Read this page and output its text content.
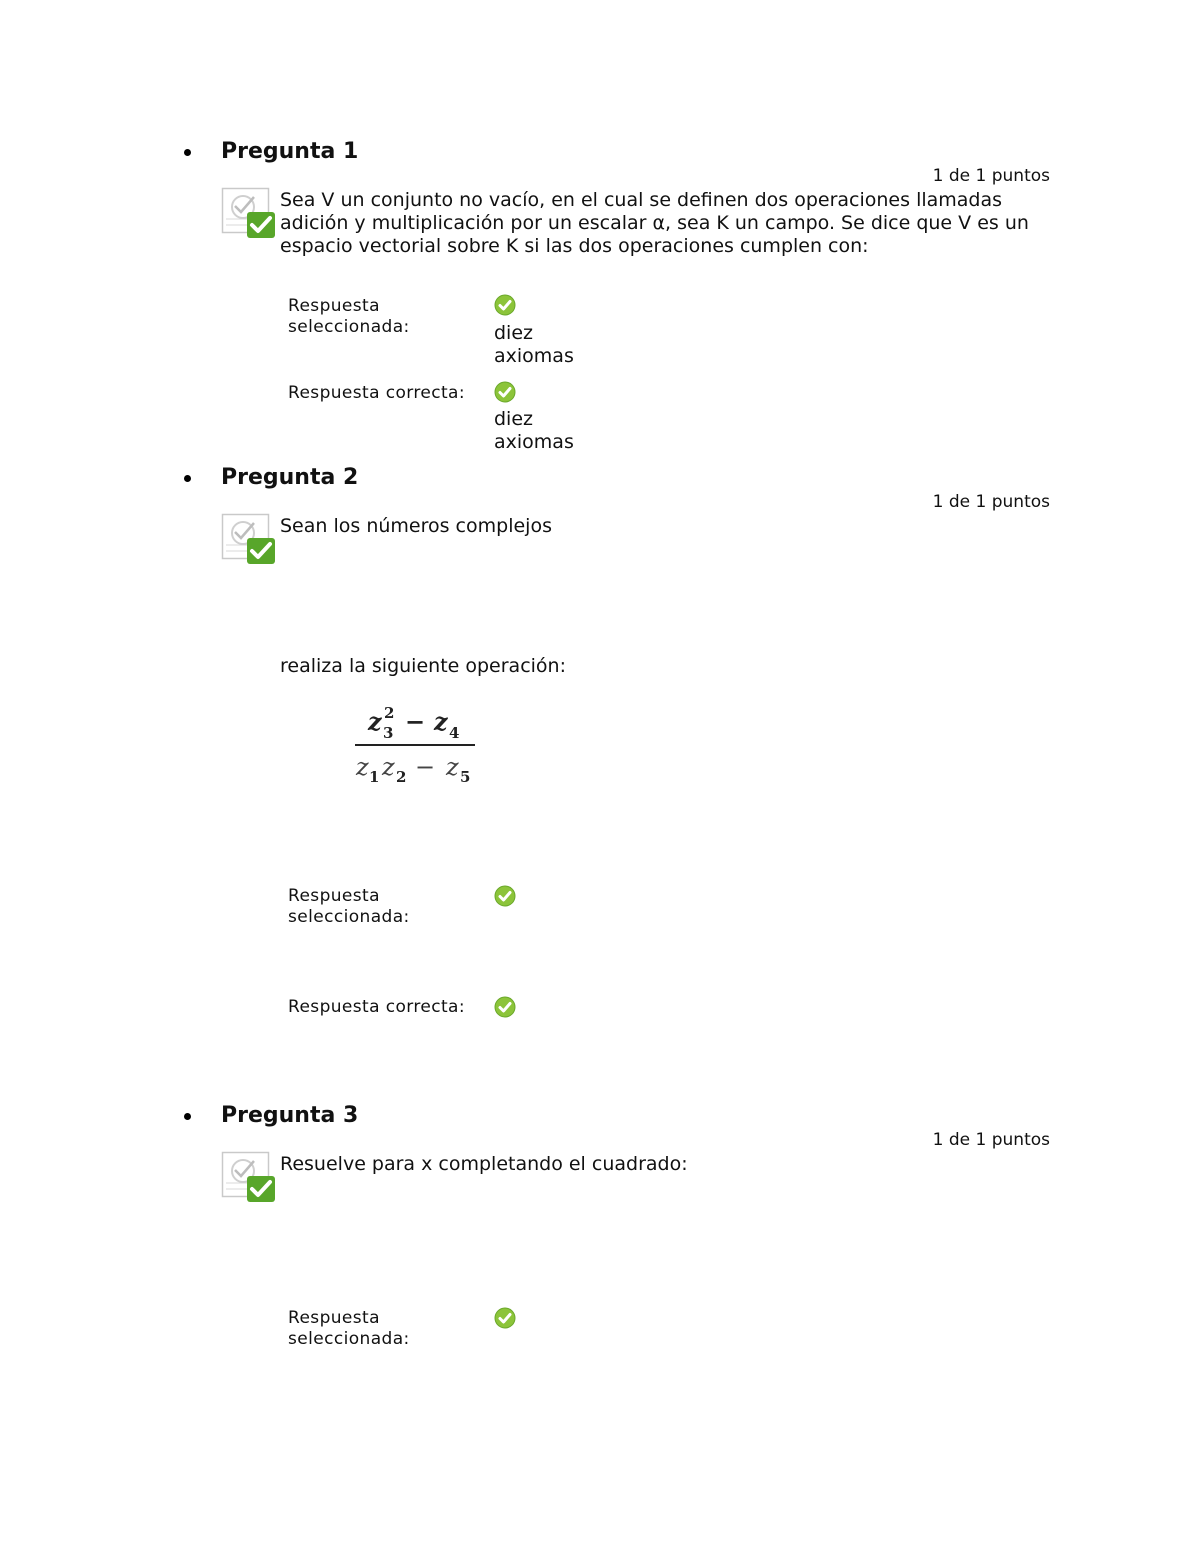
Pregunta 1
1 de 1 puntos
Sea V un conjunto no vacío, en el cual se definen dos operaciones llamadas adición y multiplicación por un escalar α, sea K un campo. Se dice que V es un espacio vectorial sobre K si las dos operaciones cumplen con:
Respuesta seleccionada:	diez axiomas
Respuesta correcta:
diez axiomas
Pregunta 2
1 de 1 puntos
Sean los números complejos
realiza la siguiente operación:
z 2
3 − z 4
z 1 z 2 − z 5
Respuesta seleccionada:
Respuesta correcta:
Pregunta 3
1 de 1 puntos
Resuelve para x completando el cuadrado:
Respuesta seleccionada:
